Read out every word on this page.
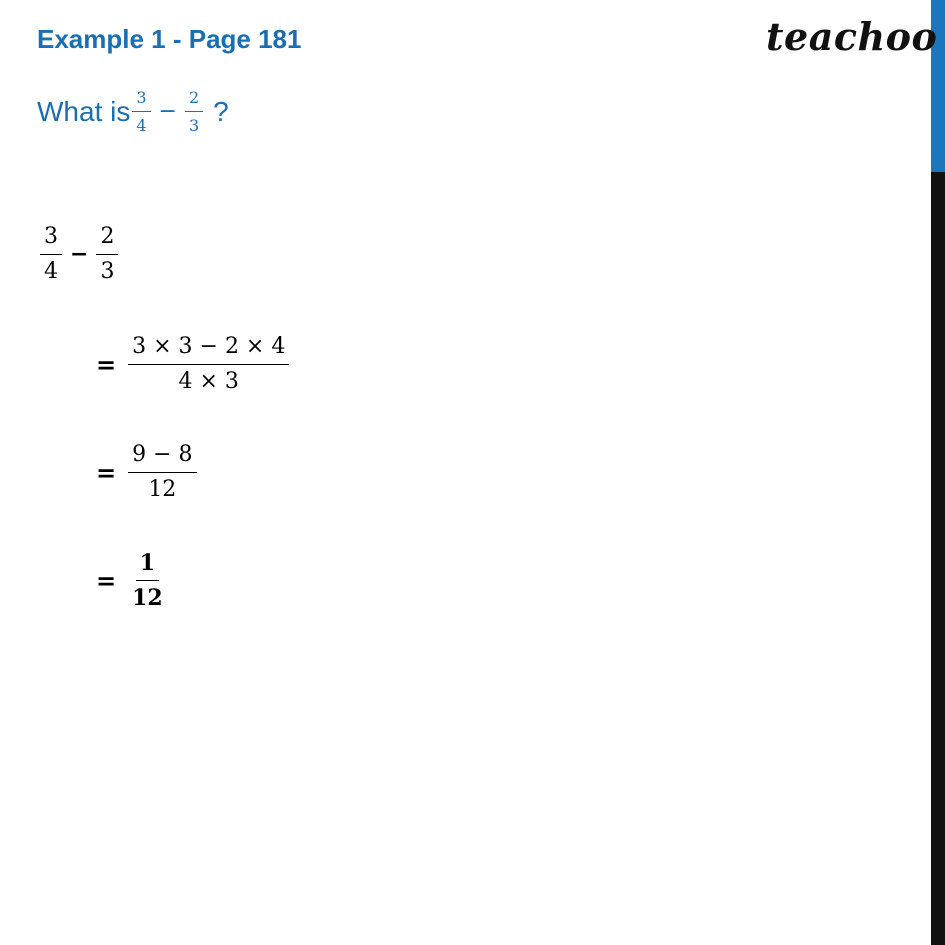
Example 1 - Page 181	teachoo
What is $\frac{3}{4} - \frac{2}{3}$ ?
$\frac{3}{4} - \frac{2}{3}$
= $\frac{3 \times 3 - 2 \times 4}{4 \times 3}$
= $\frac{9 - 8}{12}$
= $\frac{1}{12}$
